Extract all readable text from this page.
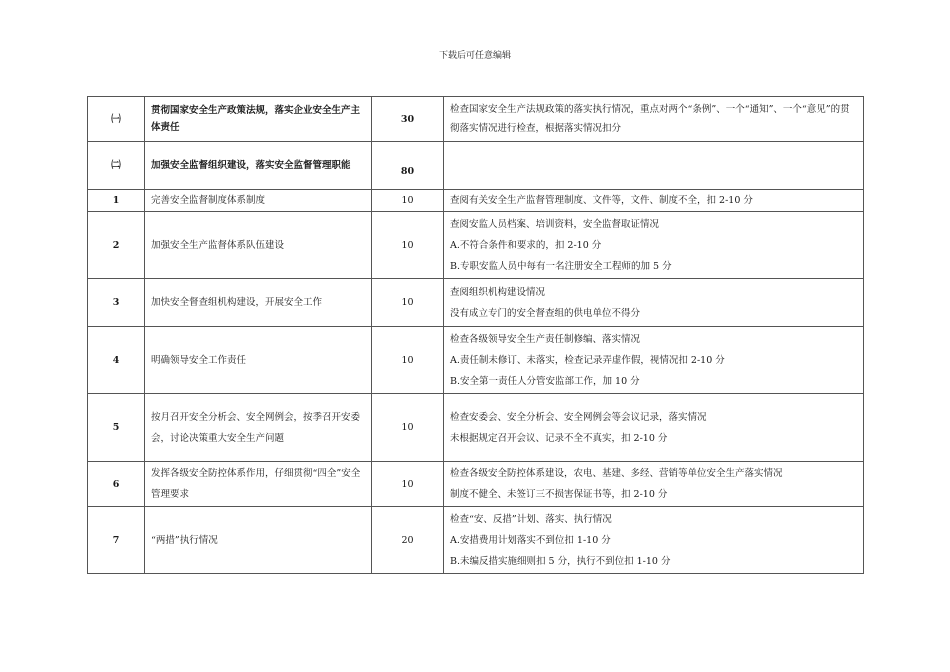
下载后可任意编辑
㈠	贯彻国家安全生产政策法规，落实企业安全生产主体责任	30	检查国家安全生产法规政策的落实执行情况，重点对两个“条例”、一个“通知”、一个“意见”的贯彻落实情况进行检查，根据落实情况扣分

㈡	加强安全监督组织建设，落实安全监督管理职能	80	
1	完善安全监督制度体系制度	10	查阅有关安全生产监督管理制度、文件等，文件、制度不全，扣 2-10 分

2	加强安全生产监督体系队伍建设	10	查阅安监人员档案、培训资料，安全监督取证情况
A.不符合条件和要求的，扣 2-10 分
B.专职安监人员中每有一名注册安全工程师的加 5 分

3	加快安全督查组机构建设，开展安全工作	10	查阅组织机构建设情况
没有成立专门的安全督查组的供电单位不得分

4	明确领导安全工作责任	10	检查各级领导安全生产责任制修编、落实情况
A.责任制未修订、未落实，检查记录弄虚作假，视情况扣 2-10 分
B.安全第一责任人分管安监部工作，加 10 分

5	按月召开安全分析会、安全网例会，按季召开安委会，讨论决策重大安全生产问题	10	检查安委会、安全分析会、安全网例会等会议记录，落实情况
未根据规定召开会议、记录不全不真实，扣 2-10 分

6	发挥各级安全防控体系作用，仔细贯彻“四全”安全管理要求	10	检查各级安全防控体系建设，农电、基建、多经、营销等单位安全生产落实情况
制度不健全、未签订三不损害保证书等，扣 2-10 分

7	“两措”执行情况	20	检查“安、反措”计划、落实、执行情况
A.安措费用计划落实不到位扣 1-10 分
B.未编反措实施细则扣 5 分，执行不到位扣 1-10 分
